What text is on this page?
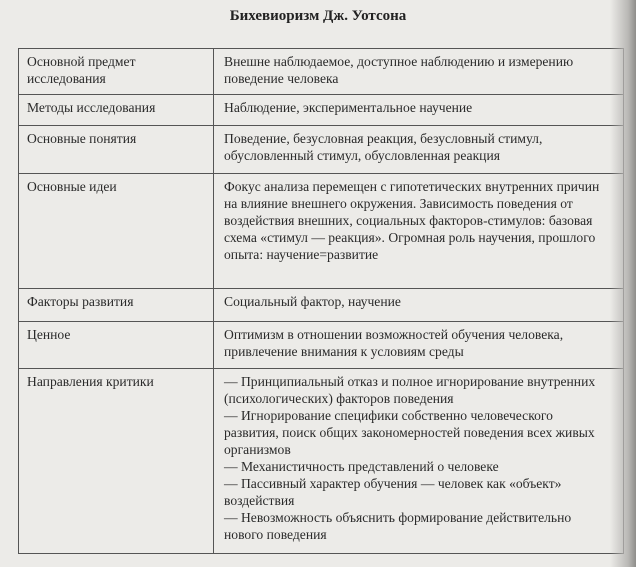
Бихевиоризм Дж. Уотсона
Основной предмет исследования	Внешне наблюдаемое, доступное наблюдению и измерению поведение человека
Методы исследования	Наблюдение, экспериментальное научение
Основные понятия	Поведение, безусловная реакция, безусловный стимул, обусловленный стимул, обусловленная реакция
Основные идеи	Фокус анализа перемещен с гипотетических внутренних причин на влияние внешнего окружения. Зависимость поведения от воздействия внешних, социальных факторов-стимулов: базовая схема «стимул — реакция». Огромная роль научения, прошлого опыта: научение=развитие
Факторы развития	Социальный фактор, научение
Ценное	Оптимизм в отношении возможностей обучения человека, привлечение внимания к условиям среды
Направления критики	— Принципиальный отказ и полное игнорирование внутренних (психологических) факторов поведения
— Игнорирование специфики собственно человеческого развития, поиск общих закономерностей поведения всех живых организмов
— Механистичность представлений о человеке
— Пассивный характер обучения — человек как «объект» воздействия
— Невозможность объяснить формирование действительно нового поведения
